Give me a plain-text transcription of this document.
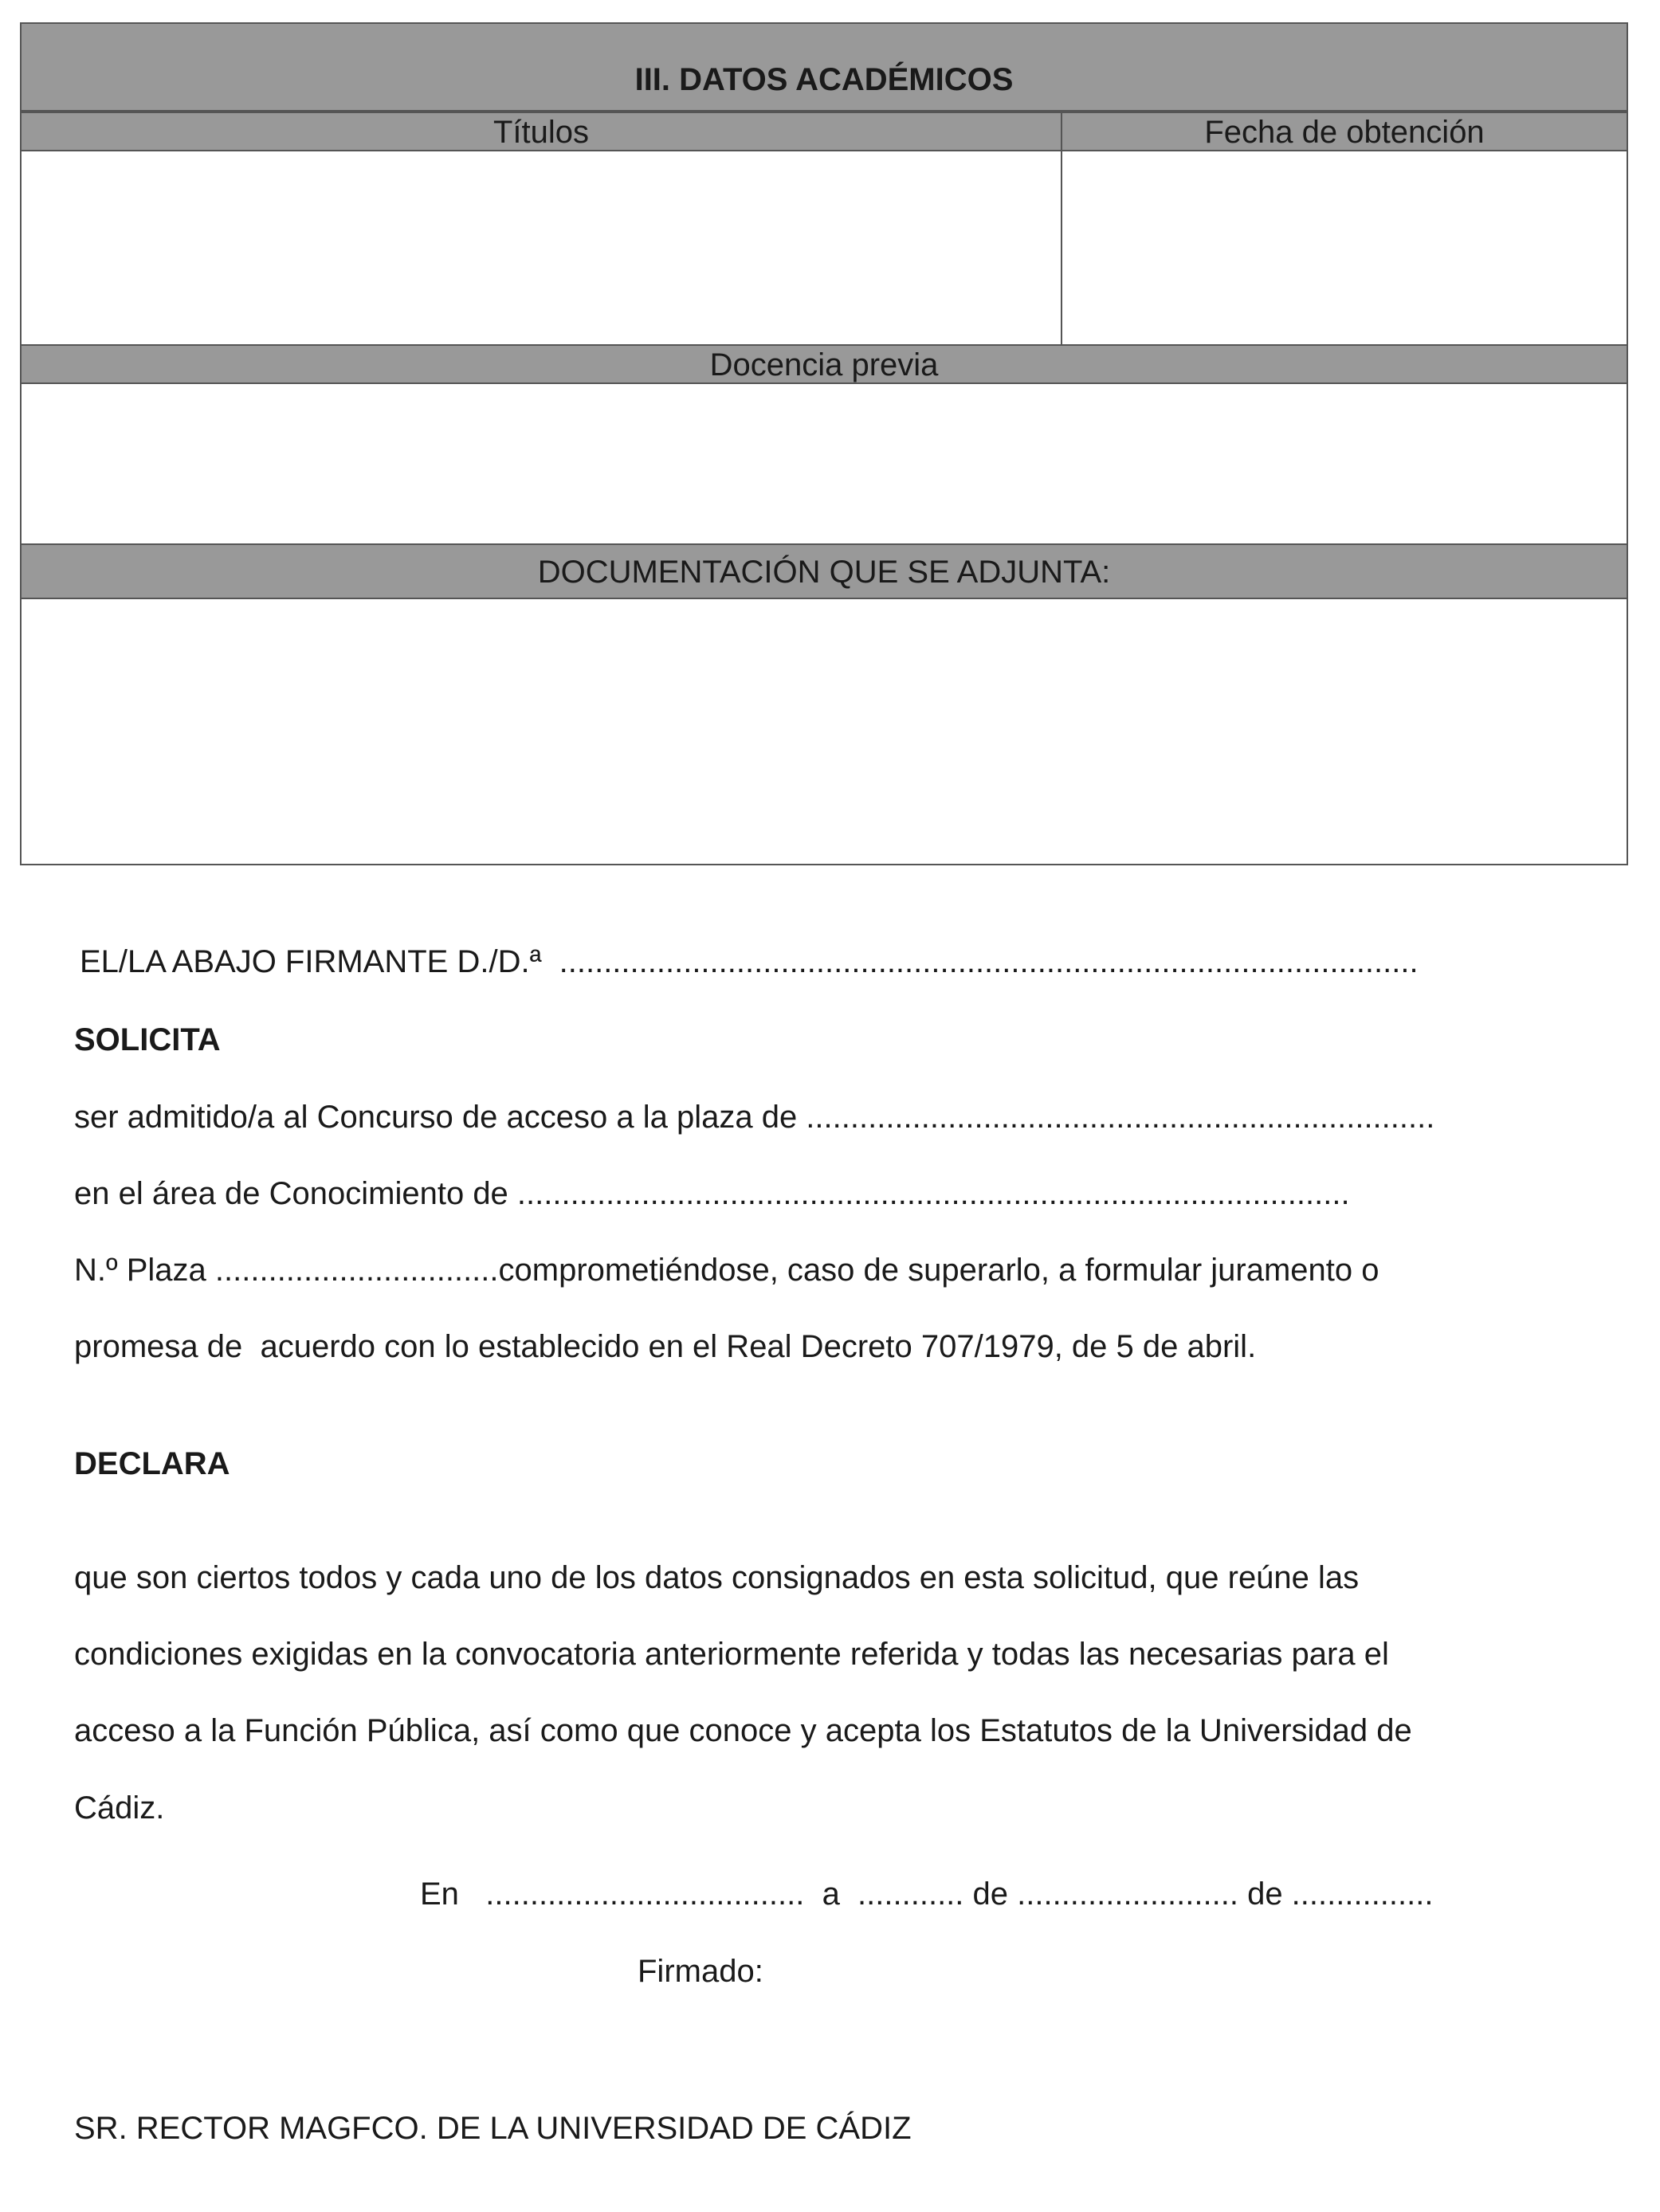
III. DATOS ACADÉMICOS
Títulos	Fecha de obtención
Docencia previa
DOCUMENTACIÓN QUE SE ADJUNTA:
EL/LA ABAJO FIRMANTE D./D.ª  .................................................................................................
SOLICITA
ser admitido/a al Concurso de acceso a la plaza de .......................................................................
en el área de Conocimiento de ..............................................................................................
N.º Plaza ................................comprometiéndose, caso de superarlo, a formular juramento o
promesa de  acuerdo con lo establecido en el Real Decreto 707/1979, de 5 de abril.
DECLARA
que son ciertos todos y cada uno de los datos consignados en esta solicitud, que reúne las
condiciones exigidas en la convocatoria anteriormente referida y todas las necesarias para el
acceso a la Función Pública, así como que conoce y acepta los Estatutos de la Universidad de
Cádiz.
En   ....................................  a  ............ de ......................... de ................
Firmado:
SR. RECTOR MAGFCO. DE LA UNIVERSIDAD DE CÁDIZ
